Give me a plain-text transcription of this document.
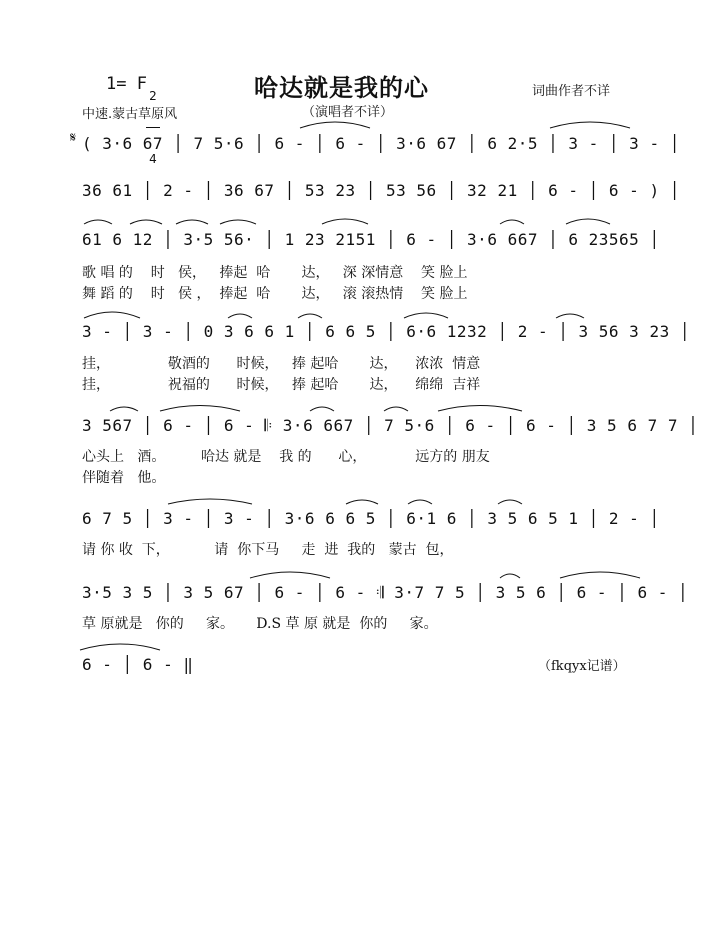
1= F

2

4

哈达就是我的心	词曲作者不详
中速.蒙古草原风	（演唱者不详）
𝄋 ( 3·6 67 │ 7 5·6 │ 6 - │ 6 - │ 3·6 67 │ 6 2·5 │ 3 - │ 3 - │
36 61 │ 2 - │ 36 67 │ 53 23 │ 53 56 │ 32 21 │ 6 - │ 6 - ) │
61 6 12 │ 3·5 56· │ 1 23 2151 │ 6 - │ 3·6 667 │ 6 23565 │
歌 唱 的    时   侯，   捧起  哈       达，   深 深情意    笑 脸上
舞 蹈 的    时   侯 ，  捧起  哈       达，   滚 滚热情    笑 脸上
3 - │ 3 - │ 0 3 6 6 1 │ 6 6 5 │ 6·6 1232 │ 2 - │ 3 56 3 23 │
挂，             敬酒的      时候，   捧 起哈       达，    浓浓  情意
挂，             祝福的      时候，   捧 起哈       达，    绵绵  吉祥
3 567 │ 6 - │ 6 - 𝄆 3·6 667 │ 7 5·6 │ 6 - │ 6 - │ 3 5 6 7 7 │
心头上   酒。        哈达 就是    我 的      心，           远方的 朋友
伴随着   他。
6 7 5 │ 3 - │ 3 - │ 3·6 6 6 5 │ 6·1 6 │ 3 5 6 5 1 │ 2 - │
请 你 收  下，          请  你下马     走  进  我的   蒙古  包，
3·5 3 5 │ 3 5 67 │ 6 - │ 6 - 𝄇 3·7 7 5 │ 3 5 6 │ 6 - │ 6 - │
草 原就是   你的     家。     D.S 草 原 就是  你的     家。
6 - │ 6 - ‖	（fkqyx记谱）
